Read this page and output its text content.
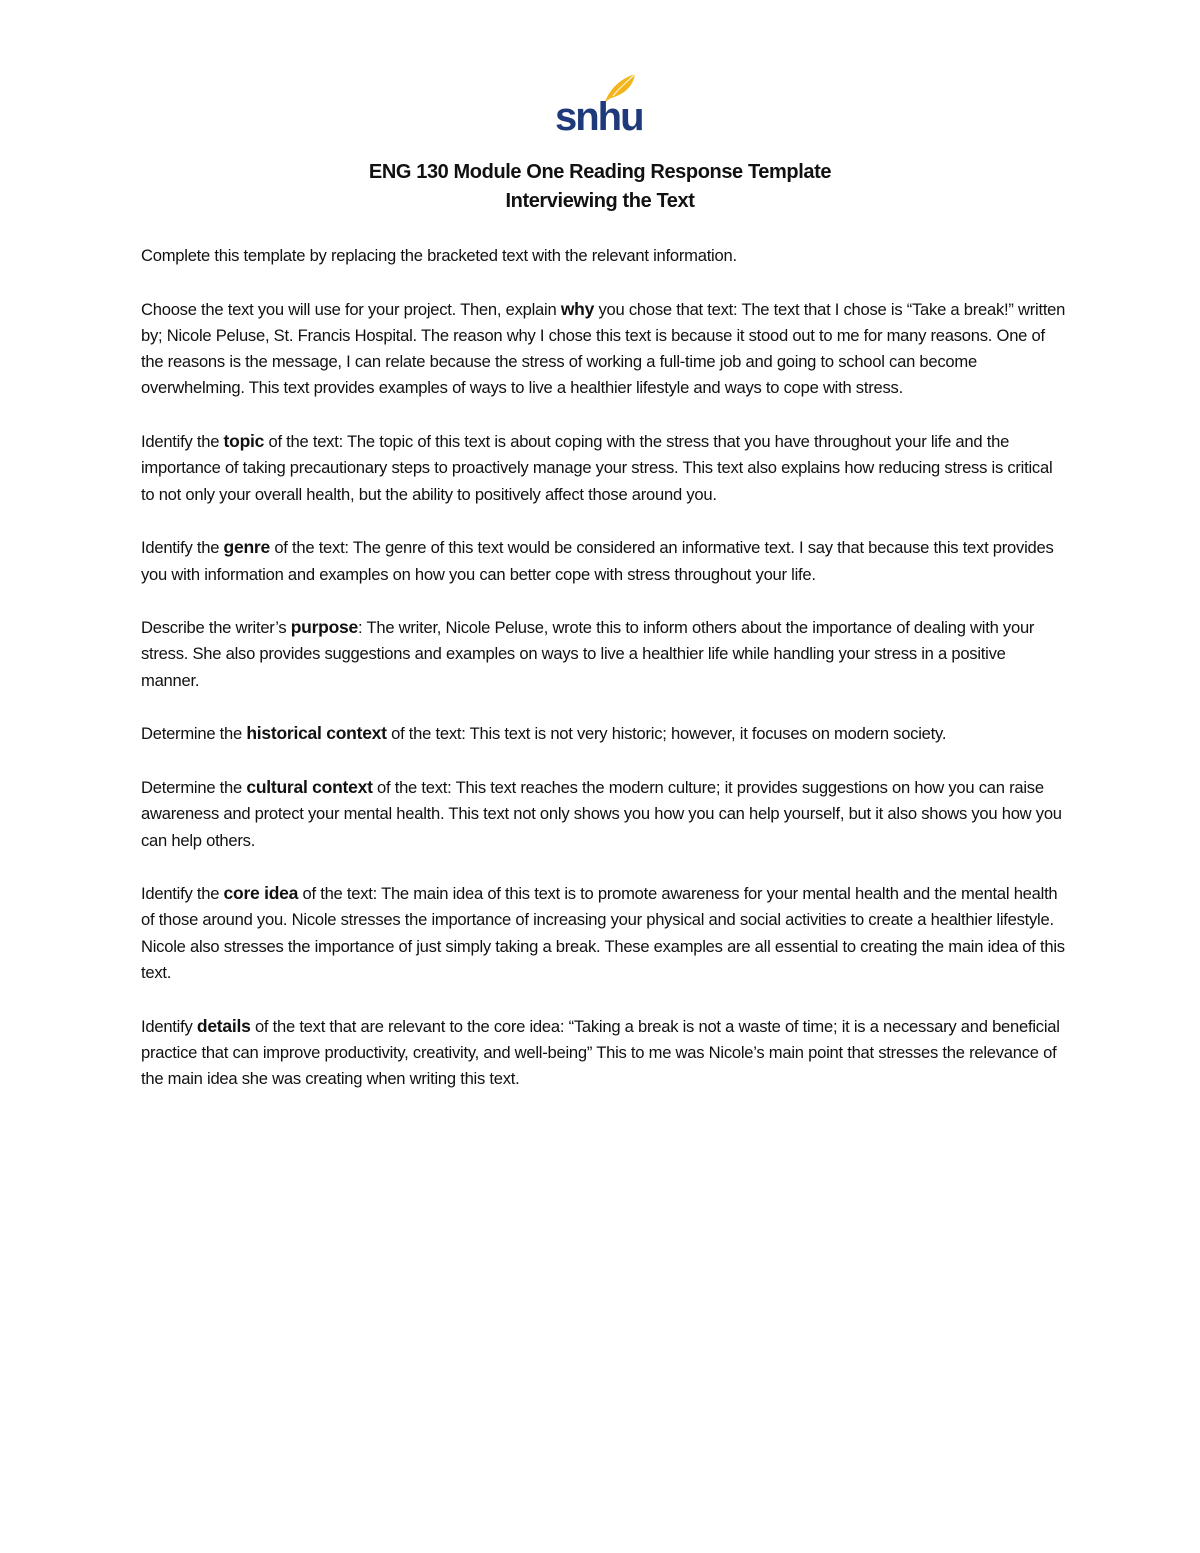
snhu
ENG 130 Module One Reading Response Template
Interviewing the Text

Complete this template by replacing the bracketed text with the relevant information.

Choose the text you will use for your project. Then, explain why you chose that text: The text that I chose is “Take a break!” written by; Nicole Peluse, St. Francis Hospital. The reason why I chose this text is because it stood out to me for many reasons. One of the reasons is the message, I can relate because the stress of working a full-time job and going to school can become overwhelming. This text provides examples of ways to live a healthier lifestyle and ways to cope with stress.

Identify the topic of the text: The topic of this text is about coping with the stress that you have throughout your life and the importance of taking precautionary steps to proactively manage your stress. This text also explains how reducing stress is critical to not only your overall health, but the ability to positively affect those around you.

Identify the genre of the text: The genre of this text would be considered an informative text. I say that because this text provides you with information and examples on how you can better cope with stress throughout your life.

Describe the writer’s purpose: The writer, Nicole Peluse, wrote this to inform others about the importance of dealing with your stress. She also provides suggestions and examples on ways to live a healthier life while handling your stress in a positive manner.

Determine the historical context of the text: This text is not very historic; however, it focuses on modern society.

Determine the cultural context of the text: This text reaches the modern culture; it provides suggestions on how you can raise awareness and protect your mental health. This text not only shows you how you can help yourself, but it also shows you how you can help others.

Identify the core idea of the text: The main idea of this text is to promote awareness for your mental health and the mental health of those around you. Nicole stresses the importance of increasing your physical and social activities to create a healthier lifestyle. Nicole also stresses the importance of just simply taking a break. These examples are all essential to creating the main idea of this text.

Identify details of the text that are relevant to the core idea: “Taking a break is not a waste of time; it is a necessary and beneficial practice that can improve productivity, creativity, and well-being” This to me was Nicole’s main point that stresses the relevance of the main idea she was creating when writing this text.
